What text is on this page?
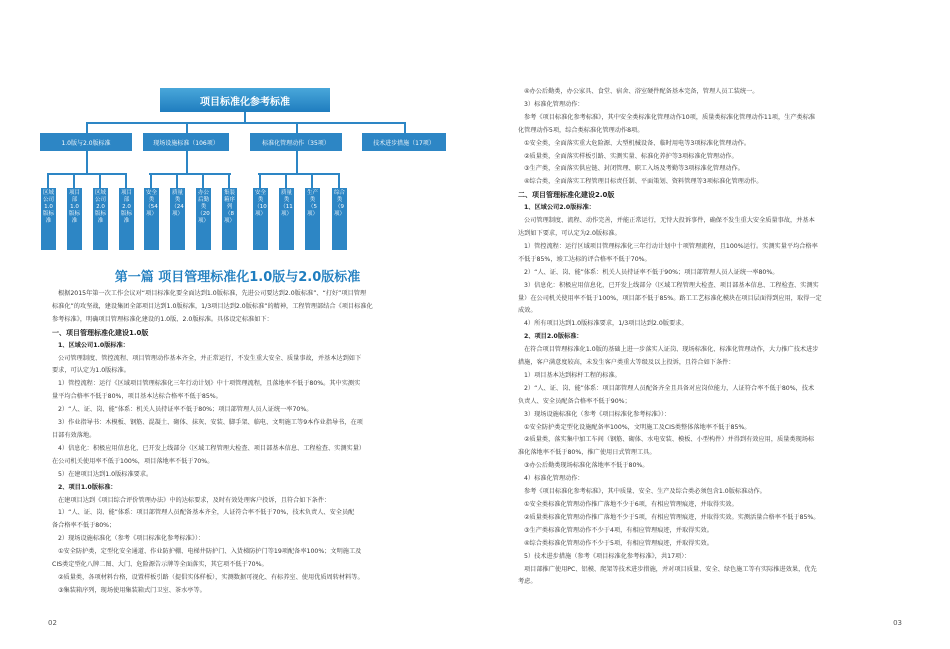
项目标准化参考标准
1.0版与2.0版标准	现场设施标准（106项）	标准化管理动作（35项）	技术进步措施（17项）
区域公司1.0版标准
项目部1.0版标准
区域公司2.0版标准
项目部2.0版标准
安全类（54项）
质量类（24项）
办公后勤类（20项）
集装箱序列（8项）
安全类（10项）
质量类（11项）
生产类（5项）
综合类（9项）
第一篇 项目管理标准化1.0版与2.0版标准

根据2015年第一次工作会议对“项目标准化要全面达到1.0版标准，先进公司要达到2.0版标准”、“打好”项目管理

标准化”的攻坚战，建设集团全部项目达到1.0版标准，1/3项目达到2.0版标准”的精神，工程管理部结合《项目标准化

参考标准》，明确项目管理标准化建设的1.0版、2.0版标准。具体设定标准如下：

一、项目管理标准化建设1.0版

1、区域公司1.0版标准：

公司管理制度、管控流程、项目管理动作基本齐全，并正常运行，不发生重大安全、质量事故，并基本达到如下

要求，可认定为1.0版标准。

1）管控流程：运行《区域项目管理标准化三年行动计划》中十项管理流程，且落地率不低于80%。其中实测实

量平均合格率不低于80%，项目基本达标合格率不低于85%。

2）“人、证、岗、能”体系：机关人员持证率不低于80%；项目部管理人员人证统一率70%。

3）作业指导书：木模板、钢筋、混凝土、砌体、抹灰、安装、脚手架、临电、文明施工等9本作业指导书，在项

目部有效落地。

4）信息化：积极应用信息化，已开发上线部分（区域工程管理大检查、项目部基本信息、工程检查、实测实量）

在公司机关使用率不低于100%，项目落地率不低于70%。

5）在建项目达到1.0版标准要求。

2、项目1.0版标准：

在建项目达到《项目综合评价管理办法》中的达标要求，及时有效处理客户投诉，且符合如下条件：

1）“人、证、岗、能”体系：项目部管理人员配备基本齐全，人证符合率不低于70%，技术负责人、安全员配

备合格率不低于80%；

2）现场设施标准化（参考《项目标准化参考标准》）：

①安全防护类，定型化安全通道、作业防护棚、电梯井防护门、入货梯防护门等19项配备率100%；文明施工及

CIS类定型化八牌二图、大门、危险源告示牌等全面落实，其它项不低于70%。

②质量类，各项材料台格，设置样板引路（提倡实体样板），实测数据可视化、有标养室、使用优质周转材料等。

③集装箱序列，现场使用集装箱式门卫室、茶水亭等。

02	03

④办公后勤类，办公家具、食堂、宿舍、浴室硬件配备基本完备，管理人员工装统一。

3）标准化管理动作：

参考《项目标准化参考标准》，其中安全类标准化管理动作10项，质量类标准化管理动作11项，生产类标准

化管理动作5项，综合类标准化管理动作8项。

①安全类，全面落实重大危险源、大型机械设备、临时用电等3项标准化管理动作。

②质量类，全面落实样板引路、实测实量、标准化养护等3项标准化管理动作。

③生产类，全面落实供应链、封闭管理、职工入场及考勤等3项标准化管理动作。

④综合类，全面落实工程管理目标责任制、平面策划、资料管理等3项标准化管理动作。

二、项目管理标准化建设2.0版

1、区域公司2.0版标准：

公司管理制度、流程、动作完善，并能正常运行，无恃大投诉事件，确保不发生重大安全质量事故，并基本

达到如下要求，可认定为2.0版标准。

1）管控流程：运行区域项目管理标准化三年行动计划中十项管理流程，且100%运行。实测实量平均合格率

不低于85%，竣工达标的评合格率不低于70%。

2）“人、证、岗、能”体系：机关人员持证率不低于90%；项目部管理人员人证统一率80%。

3）信息化：积极应用信息化，已开发上线部分（区域工程管理大检查、项目部基本信息、工程检查、实测实

量）在公司机关使用率不低于100%，项目部不低于85%。路工工艺标准化模块在项目层面得到应用，取得一定

成效。

4）所有项目达到1.0版标准要求，1/3项目达到2.0版要求。

2、项目2.0版标准：

在符合项目管理标准化1.0版的基础上进一步落实人证岗、现场标准化、标准化管理动作，大力推广技术进步

措施，客户满意度较高，未发生客户类重大等级及以上投诉，且符合如下条件：

1）项目基本达到标杆工程的标准。

2）“人、证、岗、能”体系：项目部管理人员配备齐全且具备对应岗位能力，人证符合率不低于80%，技术

负责人、安全员配备合格率不低于90%；

3）现场设施标准化（参考《项目标准化参考标准》）：

①安全防护类定型化设施配备率100%，文明施工及CIS类整体落地率不低于85%。

②质量类，落实集中加工车间（钢筋、砌体、水电安装、模板、小型构件）并得到有效应用，质量类现场标

准化落地率不低于80%，推广使用日式管理工具。

③办公后勤类现场标准化落地率不低于80%。

4）标准化管理动作：

参考《项目标准化参考标准》，其中质量、安全、生产及综合类必须包含1.0版标准动作。

①安全类标准化管理动作推广落地不少于6项，有相应管理痕迹，并取得实效。

②质量类标准化管理动作推广落地不少于5项，有相应管理痕迹，并取得实效。实测活量合格率不低于85%。

③生产类标准化管理动作不少于4项，有相应管理痕迹，并取得实效。

④综合类标准化管理动作不少于5项，有相应管理痕迹，并取得实效。

5）技术进步措施（参考《项目标准化参考标准》，共17项）：

项目部推广使用PC、铝模、爬架等技术进步措施，并对项目质量、安全、绿色施工等有实际推进效果，优先

考虑。
